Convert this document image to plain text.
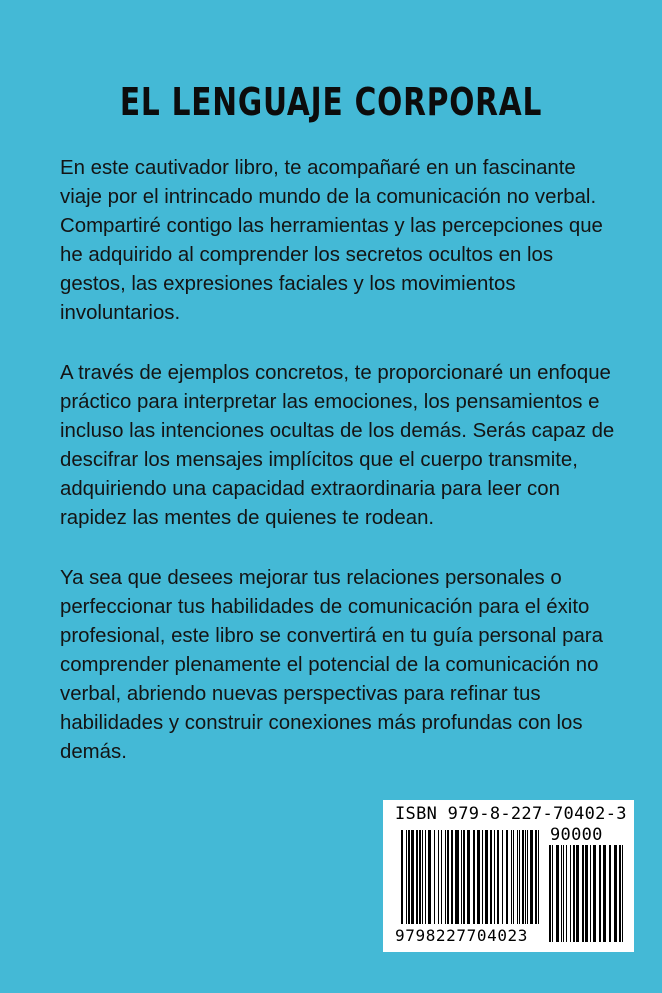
EL LENGUAJE CORPORAL

En este cautivador libro, te acompañaré en un fascinante viaje por el intrincado mundo de la comunicación no verbal. Compartiré contigo las herramientas y las percepciones que he adquirido al comprender los secretos ocultos en los gestos, las expresiones faciales y los movimientos involuntarios.

A través de ejemplos concretos, te proporcionaré un enfoque práctico para interpretar las emociones, los pensamientos e incluso las intenciones ocultas de los demás. Serás capaz de descifrar los mensajes implícitos que el cuerpo transmite, adquiriendo una capacidad extraordinaria para leer con rapidez las mentes de quienes te rodean.

Ya sea que desees mejorar tus relaciones personales o perfeccionar tus habilidades de comunicación para el éxito profesional, este libro se convertirá en tu guía personal para comprender plenamente el potencial de la comunicación no verbal, abriendo nuevas perspectivas para refinar tus habilidades y construir conexiones más profundas con los demás.

ISBN 979-8-227-70402-3
90000
9798227704023
